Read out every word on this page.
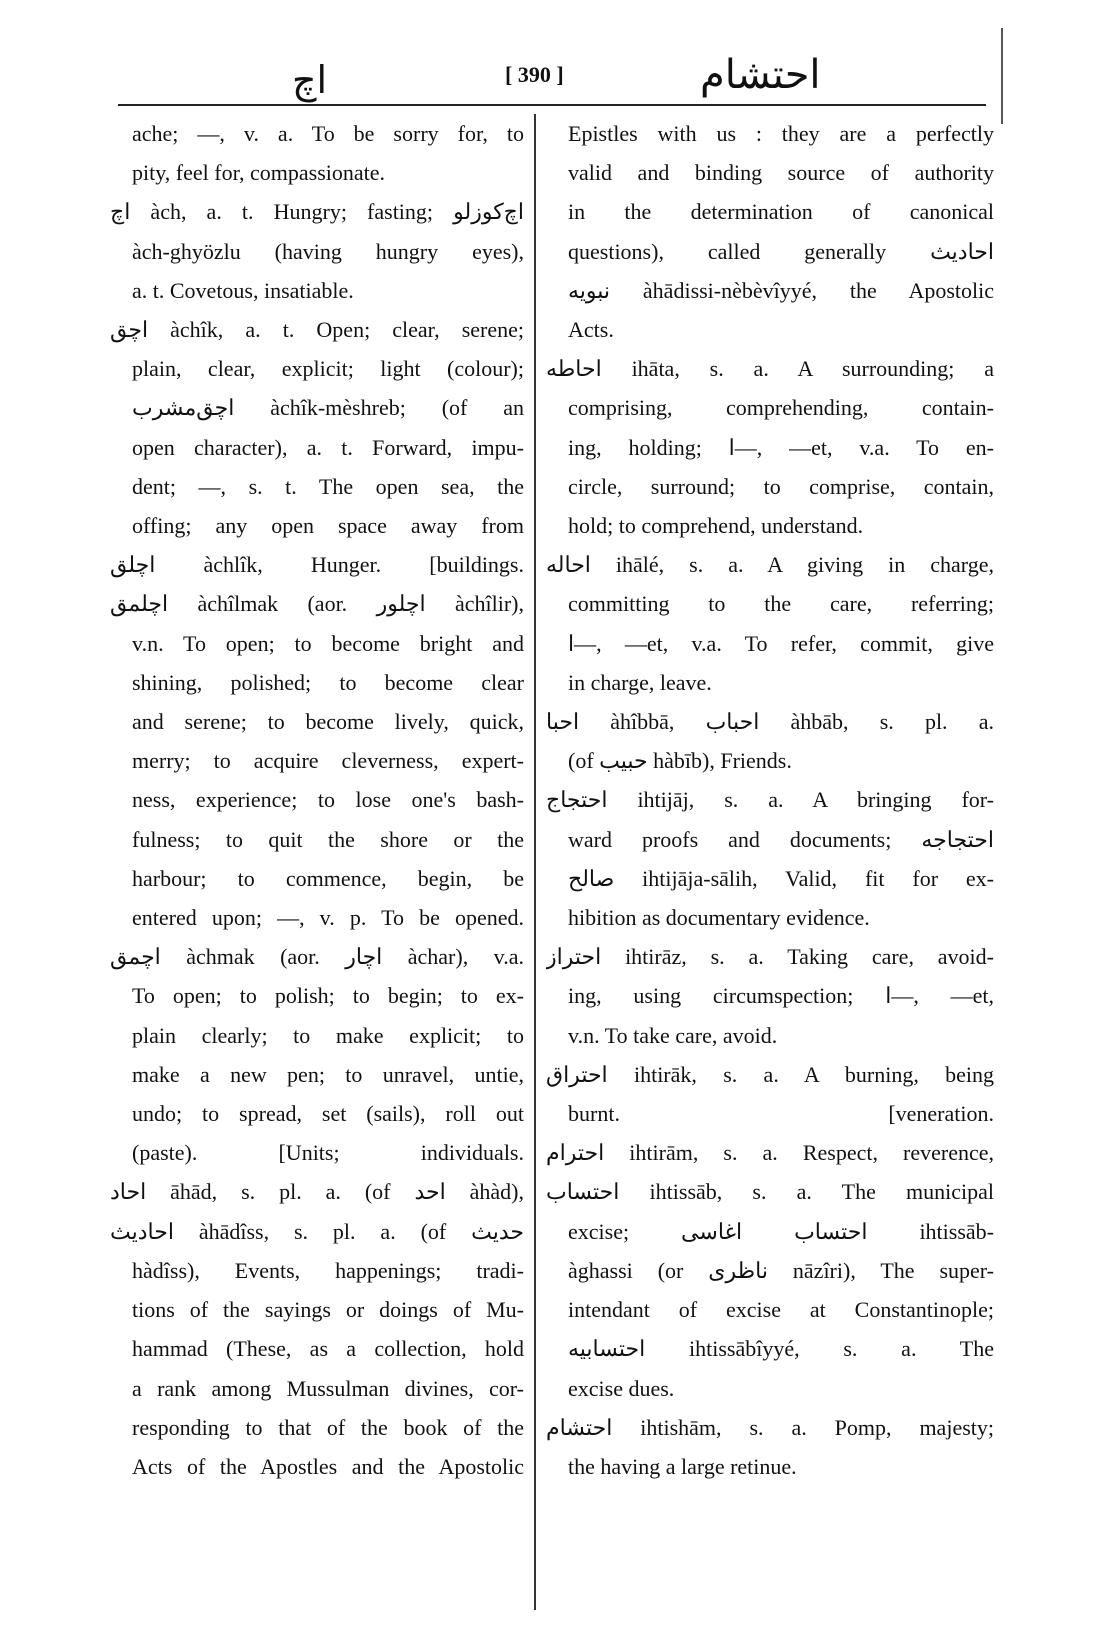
اچ	[ 390 ]	احتشام
ache; —, v. a. To be sorry for, to
pity, feel for, compassionate.
اچ àch, a. t. Hungry; fasting; اچ‌کوزلو
àch-ghyözlu (having hungry eyes),
a. t. Covetous, insatiable.
اچق àchîk, a. t. Open; clear, serene;
plain, clear, explicit; light (colour);
اچق‌مشرب àchîk-mèshreb; (of an
open character), a. t. Forward, impu-
dent; —, s. t. The open sea, the
offing; any open space away from
اچلق àchlîk, Hunger. [buildings.
اچلمق àchîlmak (aor. اچلور àchîlir),
v.n. To open; to become bright and
shining, polished; to become clear
and serene; to become lively, quick,
merry; to acquire cleverness, expert-
ness, experience; to lose one's bash-
fulness; to quit the shore or the
harbour; to commence, begin, be
entered upon; —, v. p. To be opened.
اچمق àchmak (aor. اچار àchar), v.a.
To open; to polish; to begin; to ex-
plain clearly; to make explicit; to
make a new pen; to unravel, untie,
undo; to spread, set (sails), roll out
(paste). [Units; individuals.
احاد āhād, s. pl. a. (of احد àhàd),
احاديث àhādîss, s. pl. a. (of حديث
hàdîss), Events, happenings; tradi-
tions of the sayings or doings of Mu-
hammad (These, as a collection, hold
a rank among Mussulman divines, cor-
responding to that of the book of the
Acts of the Apostles and the Apostolic
Epistles with us : they are a perfectly
valid and binding source of authority
in the determination of canonical
questions), called generally احاديث
نبويه àhādissi-nèbèvîyyé, the Apostolic
Acts.
احاطه ihāta, s. a. A surrounding; a
comprising, comprehending, contain-
ing, holding; ا—, —et, v.a. To en-
circle, surround; to comprise, contain,
hold; to comprehend, understand.
احاله ihālé, s. a. A giving in charge,
committing to the care, referring;
ا—, —et, v.a. To refer, commit, give
in charge, leave.
احبا àhîbbā, احباب àhbāb, s. pl. a.
(of حبيب hàbīb), Friends.
احتجاج ihtijāj, s. a. A bringing for-
ward proofs and documents; احتجاجه
صالح ihtijāja-sālih, Valid, fit for ex-
hibition as documentary evidence.
احتراز ihtirāz, s. a. Taking care, avoid-
ing, using circumspection; ا—, —et,
v.n. To take care, avoid.
احتراق ihtirāk, s. a. A burning, being
burnt. [veneration.
احترام ihtirām, s. a. Respect, reverence,
احتساب ihtissāb, s. a. The municipal
excise; احتساب اغاسی ihtissāb-
àghassi (or ناظرى nāzîri), The super-
intendant of excise at Constantinople;
احتسابيه ihtissābîyyé, s. a. The
excise dues.
احتشام ihtishām, s. a. Pomp, majesty;
the having a large retinue.
